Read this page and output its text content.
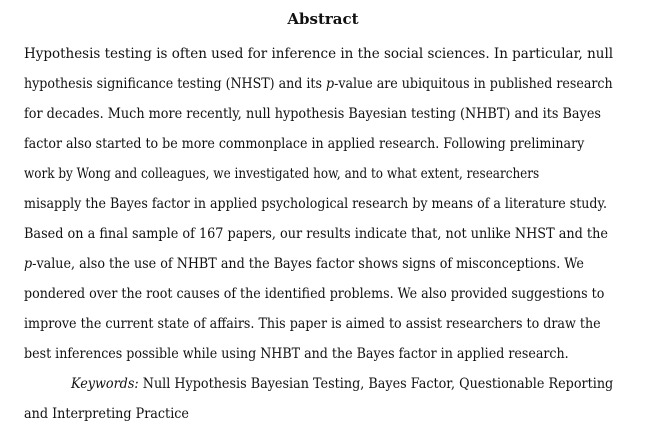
Abstract
Hypothesis testing is often used for inference in the social sciences. In particular, null
hypothesis significance testing (NHST) and its p-value are ubiquitous in published research
for decades. Much more recently, null hypothesis Bayesian testing (NHBT) and its Bayes
factor also started to be more commonplace in applied research. Following preliminary
work by Wong and colleagues, we investigated how, and to what extent, researchers
misapply the Bayes factor in applied psychological research by means of a literature study.
Based on a final sample of 167 papers, our results indicate that, not unlike NHST and the
p-value, also the use of NHBT and the Bayes factor shows signs of misconceptions. We
pondered over the root causes of the identified problems. We also provided suggestions to
improve the current state of affairs. This paper is aimed to assist researchers to draw the
best inferences possible while using NHBT and the Bayes factor in applied research.
Keywords: Null Hypothesis Bayesian Testing, Bayes Factor, Questionable Reporting
and Interpreting Practice
